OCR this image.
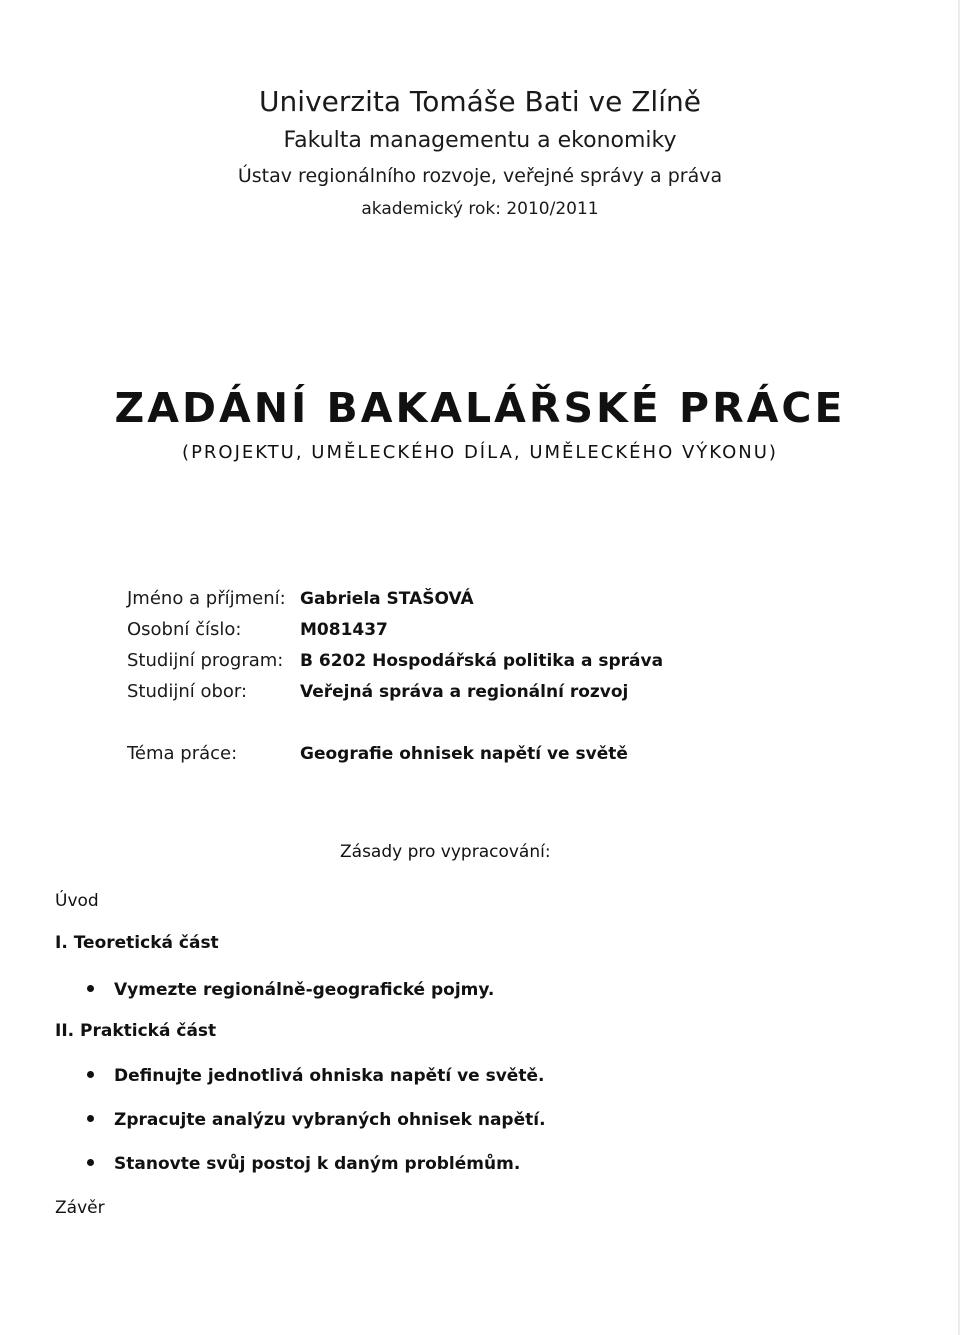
Univerzita Tomáše Bati ve Zlíně
Fakulta managementu a ekonomiky
Ústav regionálního rozvoje, veřejné správy a práva
akademický rok: 2010/2011
ZADÁNÍ BAKALÁŘSKÉ PRÁCE
(PROJEKTU, UMĚLECKÉHO DÍLA, UMĚLECKÉHO VÝKONU)
Jméno a příjmení: Gabriela STAŠOVÁ
Osobní číslo:	M081437
Studijní program: B 6202 Hospodářská politika a správa
Studijní obor:	Veřejná správa a regionální rozvoj
Téma práce:	Geografie ohnisek napětí ve světě
Zásady pro vypracování:
Úvod
I. Teoretická část
Vymezte regionálně-geografické pojmy.
II. Praktická část
Definujte jednotlivá ohniska napětí ve světě.
Zpracujte analýzu vybraných ohnisek napětí.
Stanovte svůj postoj k daným problémům.
Závěr
